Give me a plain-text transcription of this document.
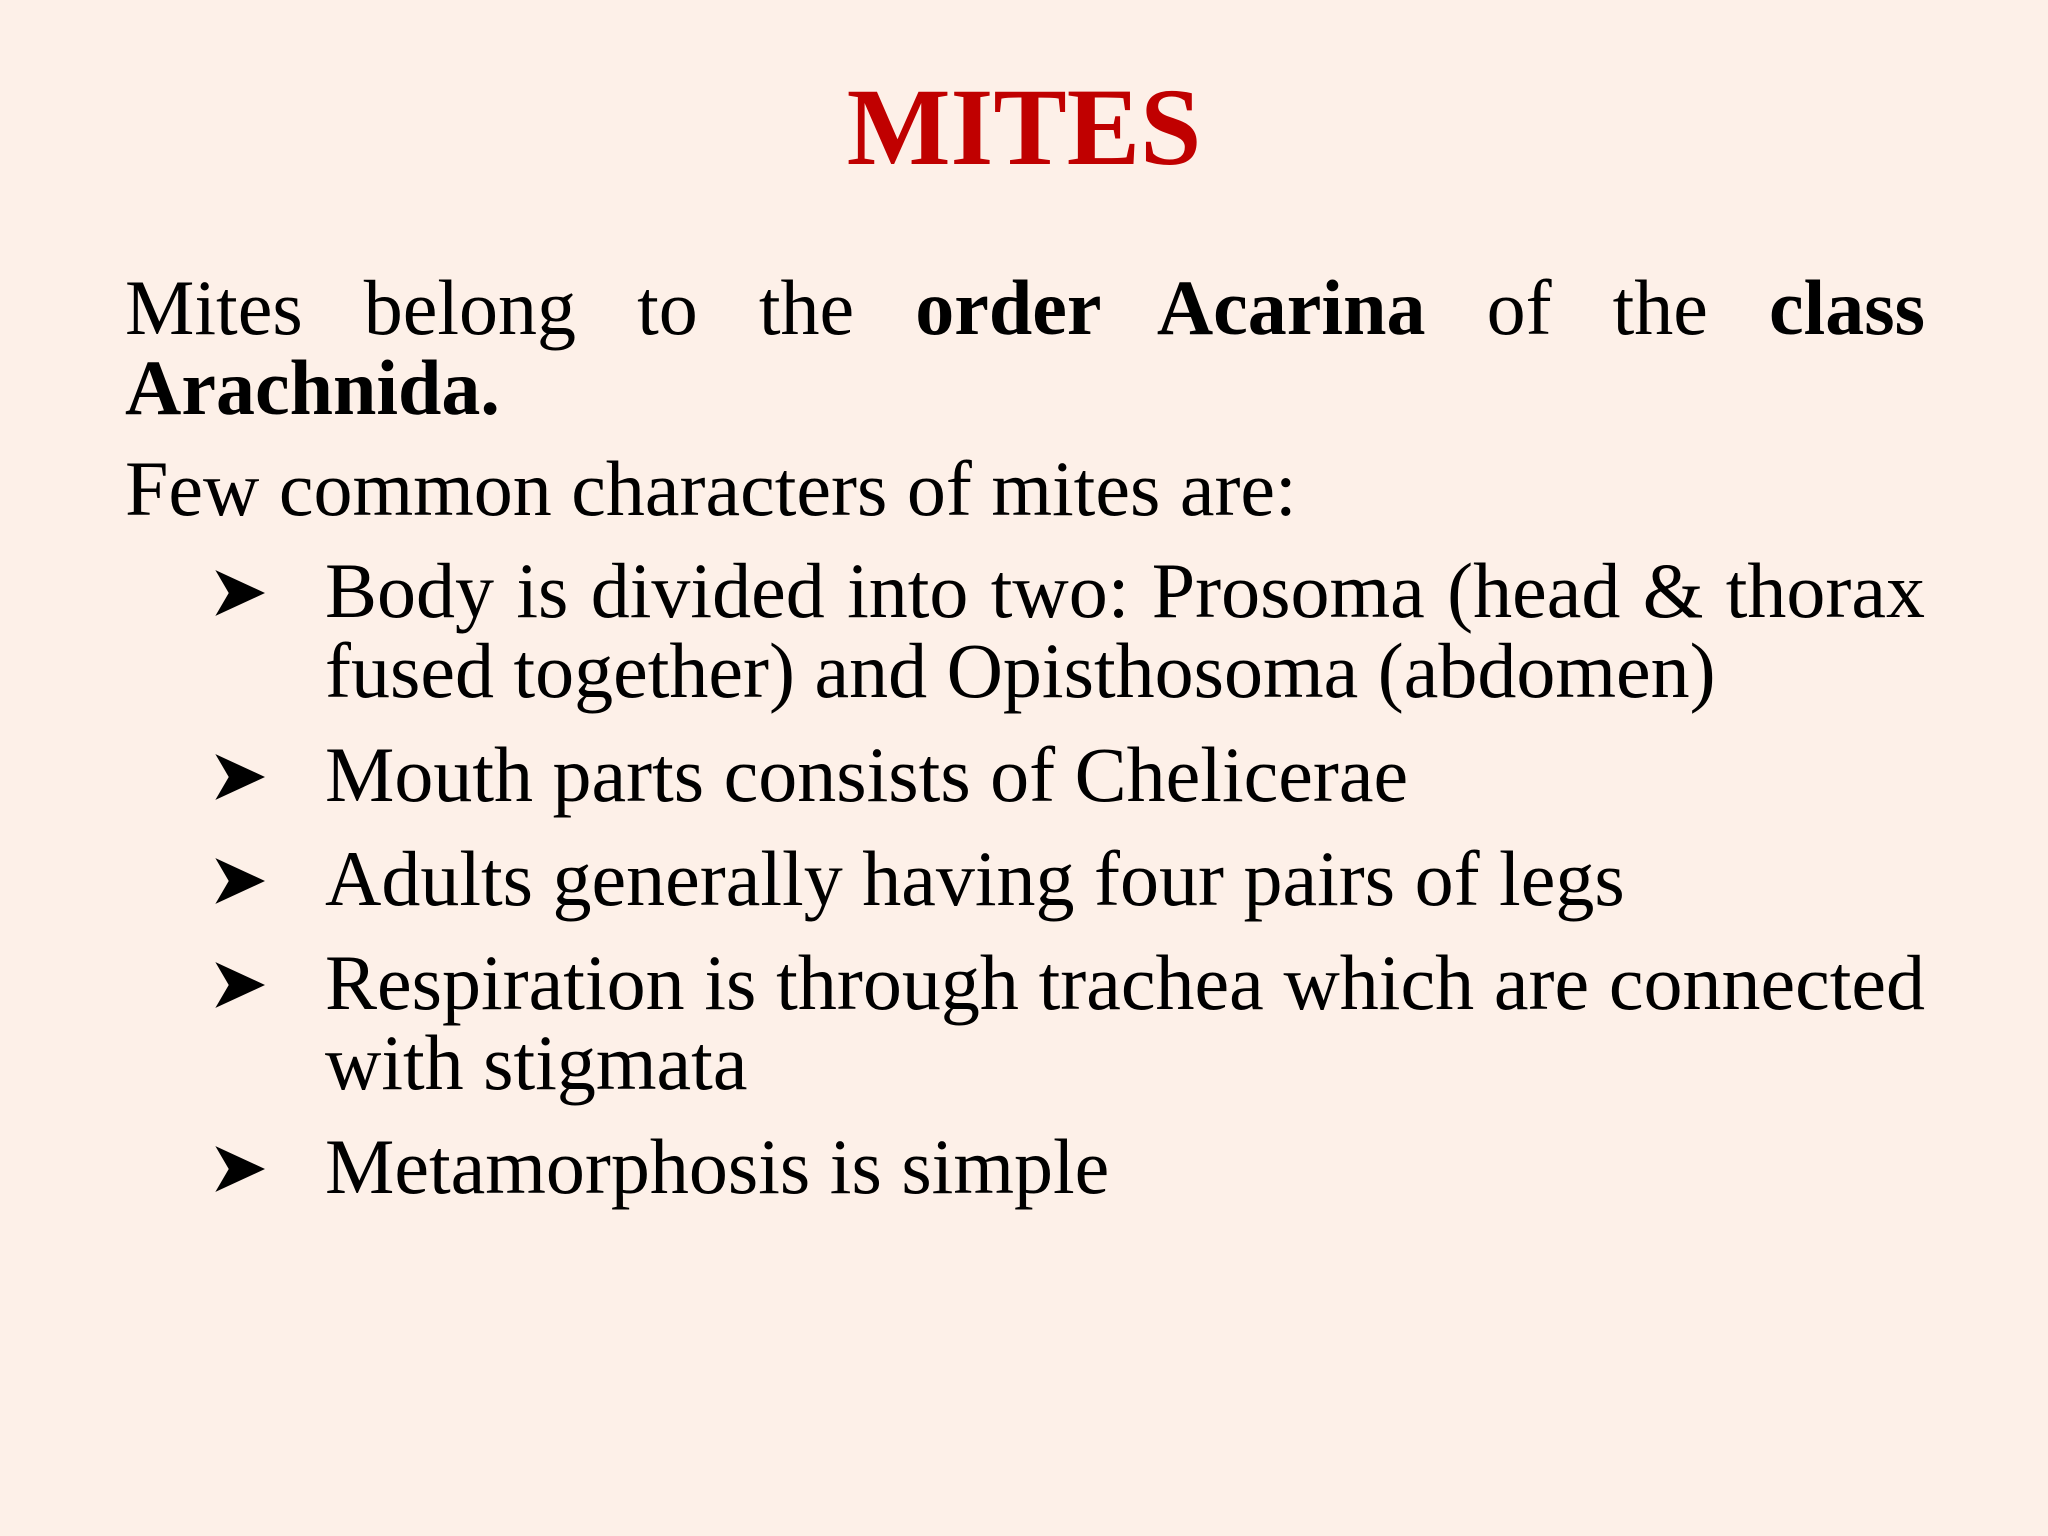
MITES

Mites belong to the order Acarina of the class Arachnida.

Few common characters of mites are:

Body is divided into two: Prosoma (head & thorax fused together) and Opisthosoma (abdomen)
Mouth parts consists of Chelicerae
Adults generally having four pairs of legs
Respiration is through trachea which are connected with stigmata
Metamorphosis is simple
